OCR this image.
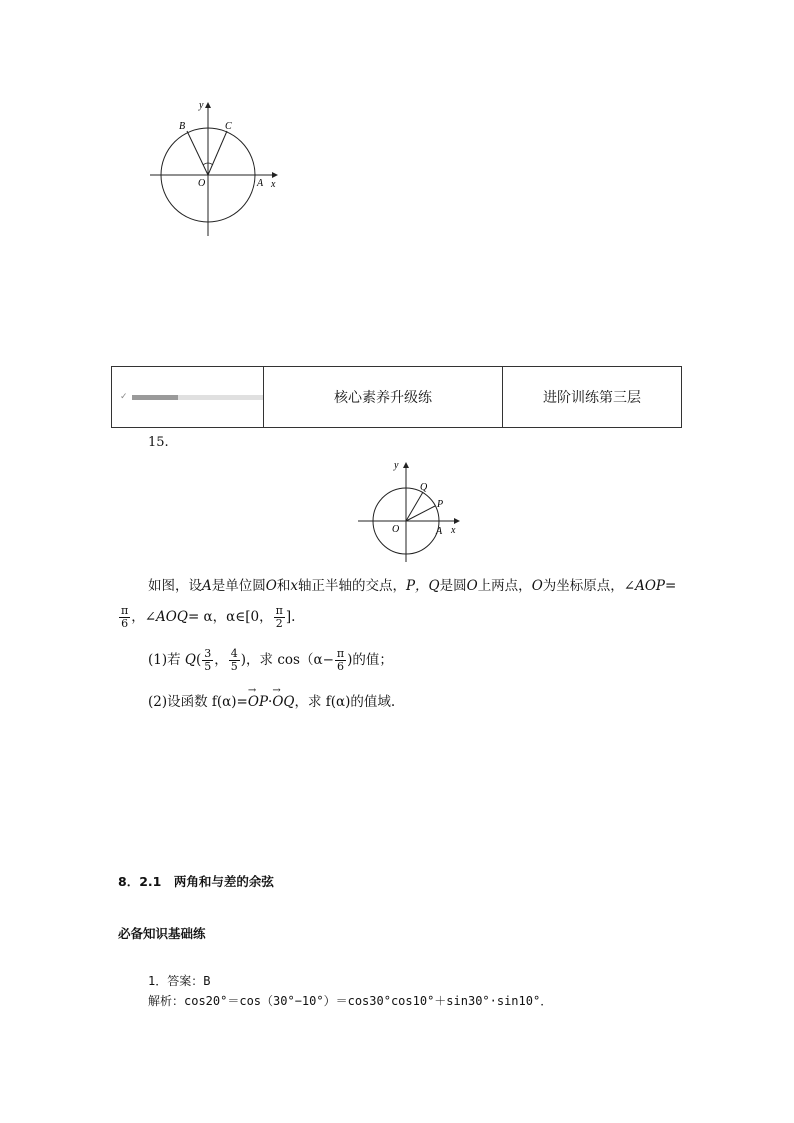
y
x
O	A
B	C
✓	核心素养升级练	进阶训练第三层
15.
y
x
O	A
P
Q
如图，设A是单位圆O和x轴正半轴的交点，P，Q是圆O上两点，O为坐标原点，∠AOP=
$\frac{\pi}{6}$ ，∠AOQ= α，α∈[0， $\frac{\pi}{2}$ ].
(1)若 $Q( \frac{3}{5}$ ， $\frac{4}{5}$ )，求 $\cos(\alpha- \frac{\pi}{6}$ )的值；
(2)设函数 f(α)=→ OP·→ OQ，求 f(α)的值域.
8．2.1　两角和与差的余弦
必备知识基础练
1．答案：B
解析：cos20°＝cos（30°−10°）＝cos30°cos10°＋sin30°·sin10°．
